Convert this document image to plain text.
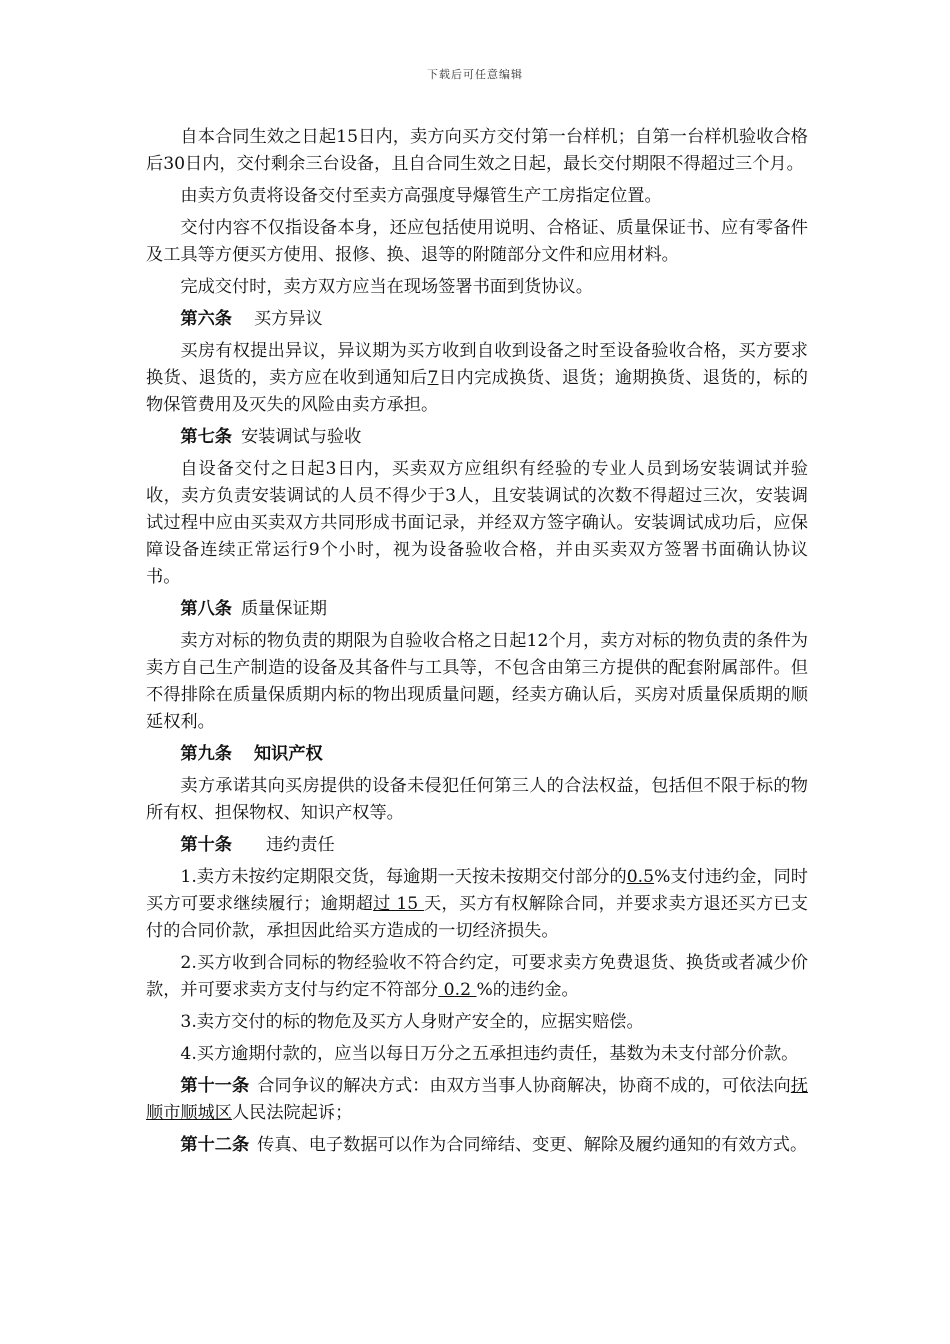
下载后可任意编辑

自本合同生效之日起15日内，卖方向买方交付第一台样机；自第一台样机验收合格后30日内，交付剩余三台设备，且自合同生效之日起，最长交付期限不得超过三个月。

由卖方负责将设备交付至卖方高强度导爆管生产工房指定位置。

交付内容不仅指设备本身，还应包括使用说明、合格证、质量保证书、应有零备件及工具等方便买方使用、报修、换、退等的附随部分文件和应用材料。

完成交付时，卖方双方应当在现场签署书面到货协议。

第六条 买方异议

买房有权提出异议，异议期为买方收到自收到设备之时至设备验收合格，买方要求换货、退货的，卖方应在收到通知后7日内完成换货、退货；逾期换货、退货的，标的物保管费用及灭失的风险由卖方承担。

第七条 安装调试与验收

自设备交付之日起3日内，买卖双方应组织有经验的专业人员到场安装调试并验收，卖方负责安装调试的人员不得少于3人，且安装调试的次数不得超过三次，安装调试过程中应由买卖双方共同形成书面记录，并经双方签字确认。安装调试成功后，应保障设备连续正常运行9个小时，视为设备验收合格，并由买卖双方签署书面确认协议书。

第八条 质量保证期

卖方对标的物负责的期限为自验收合格之日起12个月，卖方对标的物负责的条件为卖方自己生产制造的设备及其备件与工具等，不包含由第三方提供的配套附属部件。但不得排除在质量保质期内标的物出现质量问题，经卖方确认后，买房对质量保质期的顺延权利。

第九条 知识产权

卖方承诺其向买房提供的设备未侵犯任何第三人的合法权益，包括但不限于标的物所有权、担保物权、知识产权等。

第十条 违约责任

1.卖方未按约定期限交货，每逾期一天按未按期交付部分的0.5%支付违约金，同时买方可要求继续履行；逾期超过 15 天，买方有权解除合同，并要求卖方退还买方已支付的合同价款，承担因此给买方造成的一切经济损失。

2.买方收到合同标的物经验收不符合约定，可要求卖方免费退货、换货或者减少价款，并可要求卖方支付与约定不符部分 0.2 %的违约金。

3.卖方交付的标的物危及买方人身财产安全的，应据实赔偿。

4.买方逾期付款的，应当以每日万分之五承担违约责任，基数为未支付部分价款。

第十一条 合同争议的解决方式：由双方当事人协商解决，协商不成的，可依法向抚顺市顺城区人民法院起诉；

第十二条 传真、电子数据可以作为合同缔结、变更、解除及履约通知的有效方式。
